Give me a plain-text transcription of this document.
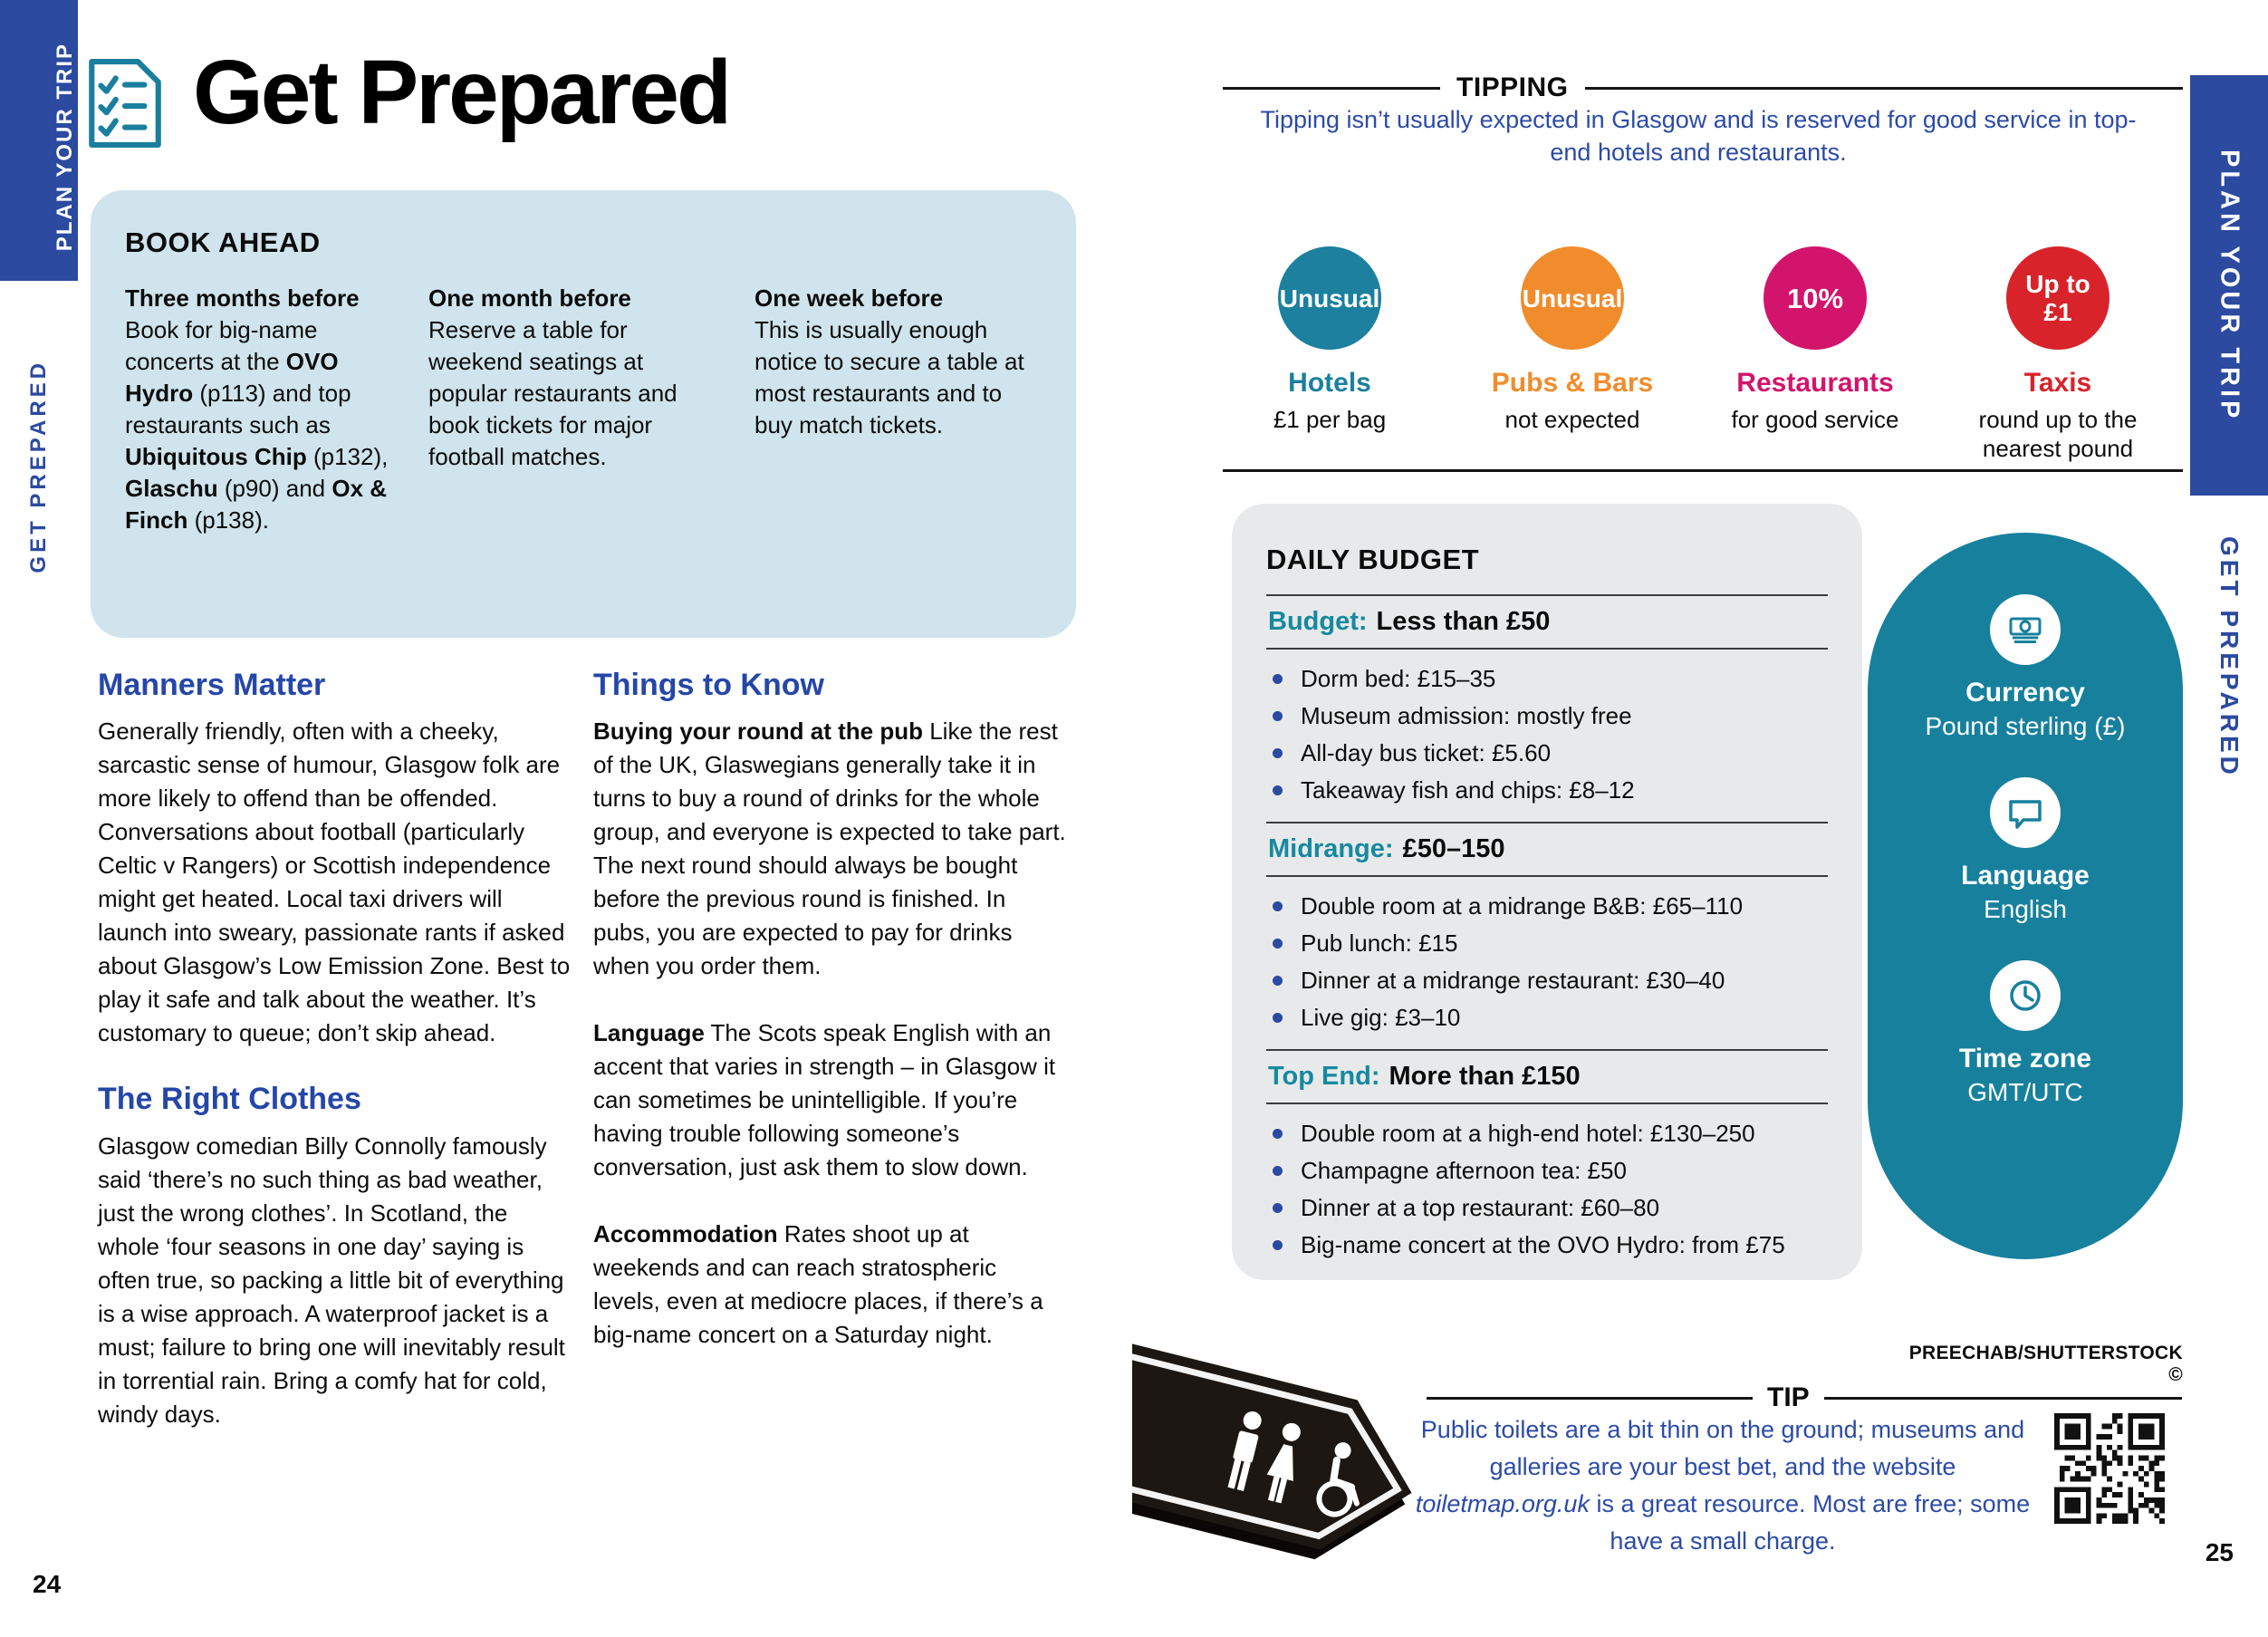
PLAN YOUR TRIP
GET PREPARED
Get Prepared
BOOK AHEAD
Three months before
Book for big-name concerts at the OVO Hydro (p113) and top restaurants such as Ubiquitous Chip (p132), Glaschu (p90) and Ox & Finch (p138).
One month before
Reserve a table for weekend seatings at popular restaurants and book tickets for major football matches.
One week before
This is usually enough notice to secure a table at most restaurants and to buy match tickets.
Manners Matter

Generally friendly, often with a cheeky, sarcastic sense of humour, Glasgow folk are more likely to offend than be offended. Conversations about football (particularly Celtic v Rangers) or Scottish independence might get heated. Local taxi drivers will launch into sweary, passionate rants if asked about Glasgow’s Low Emission Zone. Best to play it safe and talk about the weather. It’s customary to queue; don’t skip ahead.

The Right Clothes

Glasgow comedian Billy Connolly famously said ‘there’s no such thing as bad weather, just the wrong clothes’. In Scotland, the whole ‘four seasons in one day’ saying is often true, so packing a little bit of everything is a wise approach. A waterproof jacket is a must; failure to bring one will inevitably result in torrential rain. Bring a comfy hat for cold, windy days.

Things to Know

Buying your round at the pub Like the rest of the UK, Glaswegians generally take it in turns to buy a round of drinks for the whole group, and everyone is expected to take part. The next round should always be bought before the previous round is finished. In pubs, you are expected to pay for drinks when you order them.

Language The Scots speak English with an accent that varies in strength – in Glasgow it can sometimes be unintelligible. If you’re having trouble following someone’s conversation, just ask them to slow down.

Accommodation Rates shoot up at weekends and can reach stratospheric levels, even at mediocre places, if there’s a big-name concert on a Saturday night.

24
PLAN YOUR TRIP
GET PREPARED
TIPPING
Tipping isn’t usually expected in Glasgow and is reserved for good service in top-end hotels and restaurants.
Unusual
Hotels
£1 per bag
Unusual
Pubs & Bars
not expected
10%
Restaurants
for good service
Up to
£1
Taxis
round up to the nearest pound
DAILY BUDGET
Budget: Less than £50
Dorm bed: £15–35
Museum admission: mostly free
All-day bus ticket: £5.60
Takeaway fish and chips: £8–12
Midrange: £50–150
Double room at a midrange B&B: £65–110
Pub lunch: £15
Dinner at a midrange restaurant: £30–40
Live gig: £3–10
Top End: More than £150
Double room at a high-end hotel: £130–250
Champagne afternoon tea: £50
Dinner at a top restaurant: £60–80
Big-name concert at the OVO Hydro: from £75
Currency
Pound sterling (£)
Language
English
Time zone
GMT/UTC
PREECHAB/SHUTTERSTOCK ©
TIP
Public toilets are a bit thin on the ground; museums and galleries are your best bet, and the website toiletmap.org.uk is a great resource. Most are free; some have a small charge.	25
